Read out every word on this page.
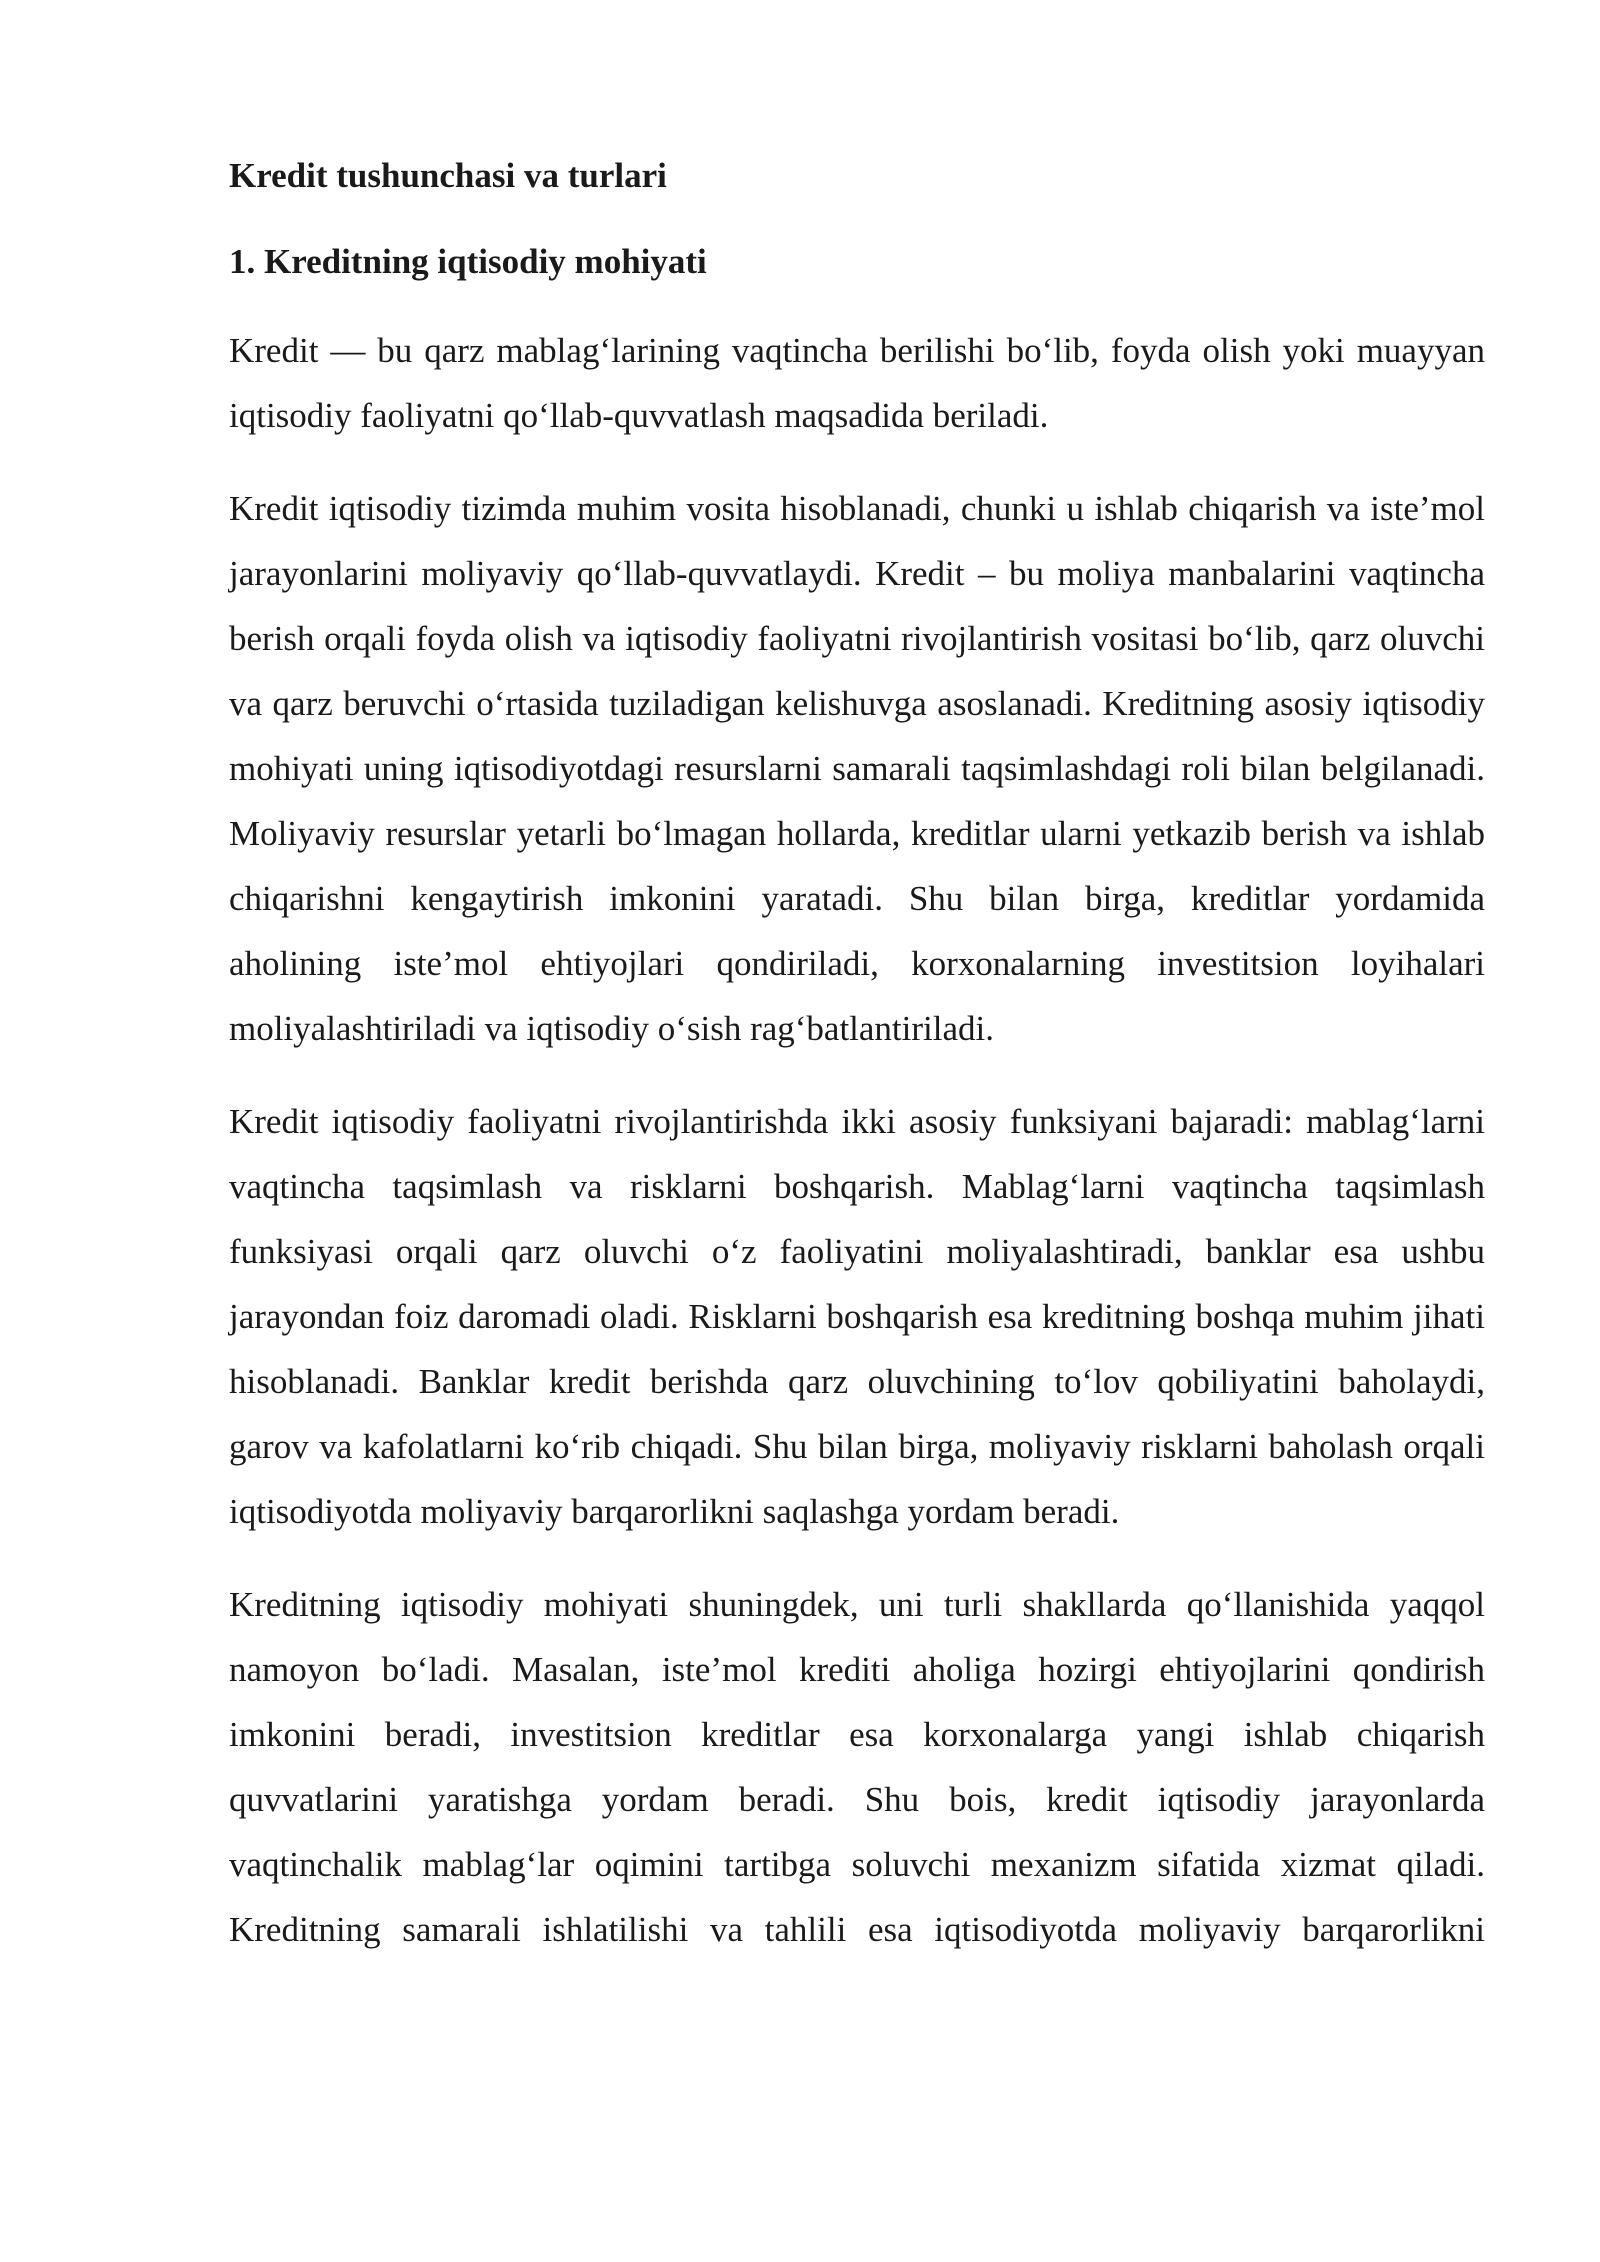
Kredit tushunchasi va turlari
1. Kreditning iqtisodiy mohiyati

Kredit — bu qarz mablag‘larining vaqtincha berilishi bo‘lib, foyda olish yoki muayyan iqtisodiy faoliyatni qo‘llab-quvvatlash maqsadida beriladi.

Kredit iqtisodiy tizimda muhim vosita hisoblanadi, chunki u ishlab chiqarish va iste’mol jarayonlarini moliyaviy qo‘llab-quvvatlaydi. Kredit – bu moliya manbalarini vaqtincha berish orqali foyda olish va iqtisodiy faoliyatni rivojlantirish vositasi bo‘lib, qarz oluvchi va qarz beruvchi o‘rtasida tuziladigan kelishuvga asoslanadi. Kreditning asosiy iqtisodiy mohiyati uning iqtisodiyotdagi resurslarni samarali taqsimlashdagi roli bilan belgilanadi. Moliyaviy resurslar yetarli bo‘lmagan hollarda, kreditlar ularni yetkazib berish va ishlab chiqarishni kengaytirish imkonini yaratadi. Shu bilan birga, kreditlar yordamida aholining iste’mol ehtiyojlari qondiriladi, korxonalarning investitsion loyihalari moliyalashtiriladi va iqtisodiy o‘sish rag‘batlantiriladi.

Kredit iqtisodiy faoliyatni rivojlantirishda ikki asosiy funksiyani bajaradi: mablag‘larni vaqtincha taqsimlash va risklarni boshqarish. Mablag‘larni vaqtincha taqsimlash funksiyasi orqali qarz oluvchi o‘z faoliyatini moliyalashtiradi, banklar esa ushbu jarayondan foiz daromadi oladi. Risklarni boshqarish esa kreditning boshqa muhim jihati hisoblanadi. Banklar kredit berishda qarz oluvchining to‘lov qobiliyatini baholaydi, garov va kafolatlarni ko‘rib chiqadi. Shu bilan birga, moliyaviy risklarni baholash orqali iqtisodiyotda moliyaviy barqarorlikni saqlashga yordam beradi.

Kreditning iqtisodiy mohiyati shuningdek, uni turli shakllarda qo‘llanishida yaqqol namoyon bo‘ladi. Masalan, iste’mol krediti aholiga hozirgi ehtiyojlarini qondirish imkonini beradi, investitsion kreditlar esa korxonalarga yangi ishlab chiqarish quvvatlarini yaratishga yordam beradi. Shu bois, kredit iqtisodiy jarayonlarda vaqtinchalik mablag‘lar oqimini tartibga soluvchi mexanizm sifatida xizmat qiladi. Kreditning samarali ishlatilishi va tahlili esa iqtisodiyotda moliyaviy barqarorlikni
